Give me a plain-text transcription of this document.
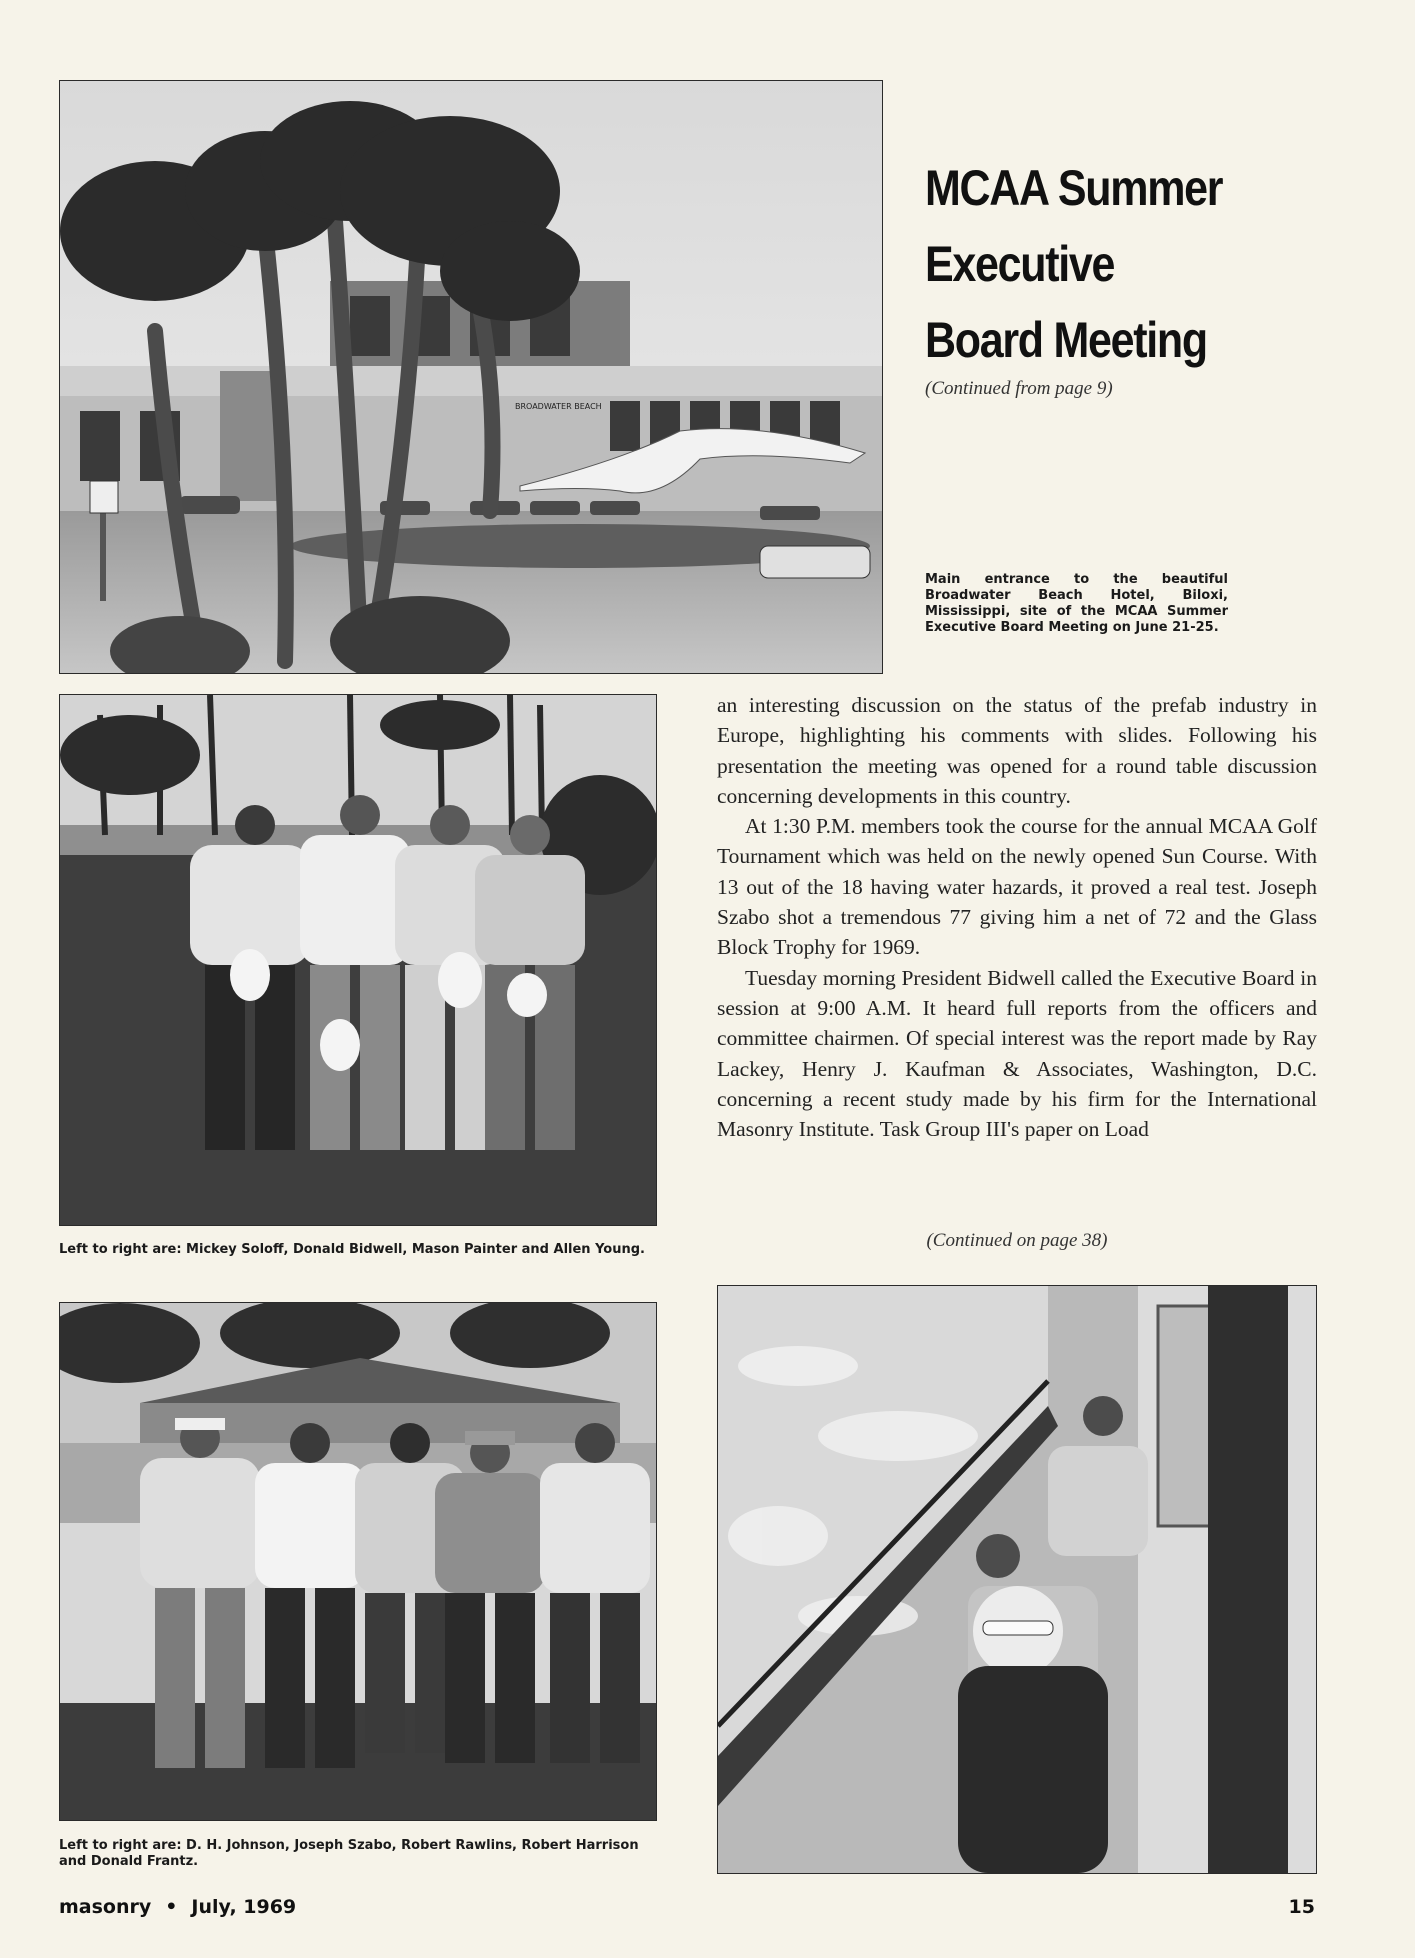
BROADWATER BEACH
MCAA Summer
Executive
Board Meeting
(Continued from page 9)
Main entrance to the beautiful Broadwater Beach Hotel, Biloxi, Mississippi, site of the MCAA Summer Executive Board Meeting on June 21-25.
Left to right are: Mickey Soloff, Donald Bidwell, Mason Painter and Allen Young.
Left to right are: D. H. Johnson, Joseph Szabo, Robert Rawlins, Robert Harrison and Donald Frantz.

an interesting discussion on the status of the prefab industry in Europe, highlighting his comments with slides. Following his presentation the meeting was opened for a round table discussion concerning developments in this country.

At 1:30 P.M. members took the course for the annual MCAA Golf Tournament which was held on the newly opened Sun Course. With 13 out of the 18 having water hazards, it proved a real test. Joseph Szabo shot a tremendous 77 giving him a net of 72 and the Glass Block Trophy for 1969.

Tuesday morning President Bidwell called the Executive Board in session at 9:00 A.M. It heard full reports from the officers and committee chairmen. Of special interest was the report made by Ray Lackey, Henry J. Kaufman & Associates, Washington, D.C. concerning a recent study made by his firm for the International Masonry Institute. Task Group III's paper on Load

(Continued on page 38)
masonry • July, 1969	15
